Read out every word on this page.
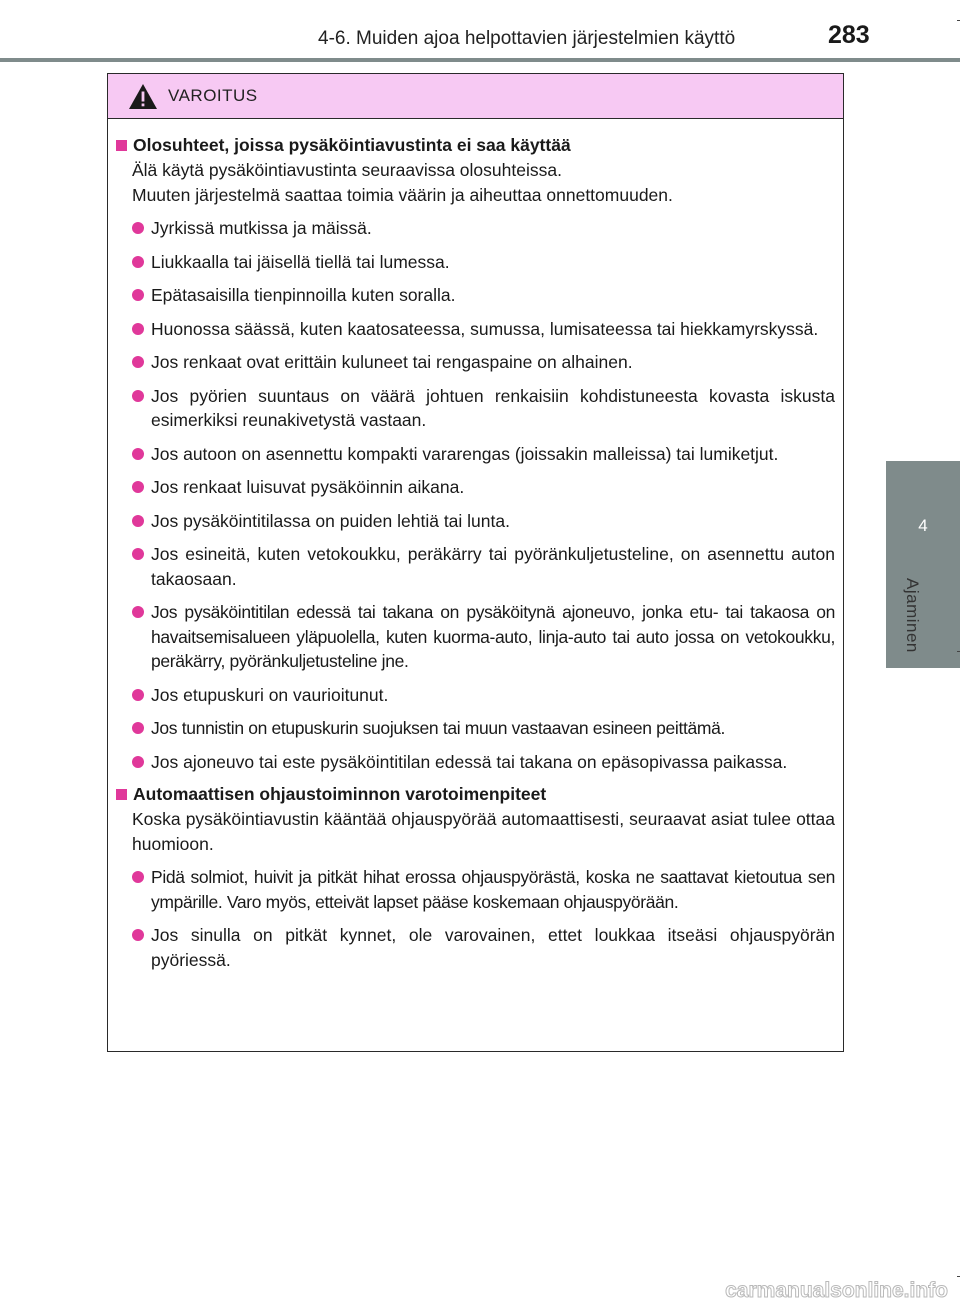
4-6. Muiden ajoa helpottavien järjestelmien käyttö	283
4
Ajaminen
VAROITUS
Olosuhteet, joissa pysäköintiavustinta ei saa käyttää

Älä käytä pysäköintiavustinta seuraavissa olosuhteissa.

Muuten järjestelmä saattaa toimia väärin ja aiheuttaa onnettomuuden.

Jyrkissä mutkissa ja mäissä.
Liukkaalla tai jäisellä tiellä tai lumessa.
Epätasaisilla tienpinnoilla kuten soralla.
Huonossa säässä, kuten kaatosateessa, sumussa, lumisateessa tai hiekkamyrskyssä.
Jos renkaat ovat erittäin kuluneet tai rengaspaine on alhainen.
Jos pyörien suuntaus on väärä johtuen renkaisiin kohdistuneesta kovasta iskusta esimerkiksi reunakivetystä vastaan.
Jos autoon on asennettu kompakti vararengas (joissakin malleissa) tai lumiketjut.
Jos renkaat luisuvat pysäköinnin aikana.
Jos pysäköintitilassa on puiden lehtiä tai lunta.
Jos esineitä, kuten vetokoukku, peräkärry tai pyöränkuljetusteline, on asennettu auton takaosaan.
Jos pysäköintitilan edessä tai takana on pysäköitynä ajoneuvo, jonka etu- tai takaosa on havaitsemisalueen yläpuolella, kuten kuorma-auto, linja-auto tai auto jossa on vetokoukku, peräkärry, pyöränkuljetusteline jne.
Jos etupuskuri on vaurioitunut.
Jos tunnistin on etupuskurin suojuksen tai muun vastaavan esineen peittämä.
Jos ajoneuvo tai este pysäköintitilan edessä tai takana on epäsopivassa paikassa.
Automaattisen ohjaustoiminnon varotoimenpiteet

Koska pysäköintiavustin kääntää ohjauspyörää automaattisesti, seuraavat asiat tulee ottaa huomioon.

Pidä solmiot, huivit ja pitkät hihat erossa ohjauspyörästä, koska ne saattavat kietoutua sen ympärille. Varo myös, etteivät lapset pääse koskemaan ohjauspyörään.
Jos sinulla on pitkät kynnet, ole varovainen, ettet loukkaa itseäsi ohjauspyörän pyöriessä.
carmanualsonline.info
